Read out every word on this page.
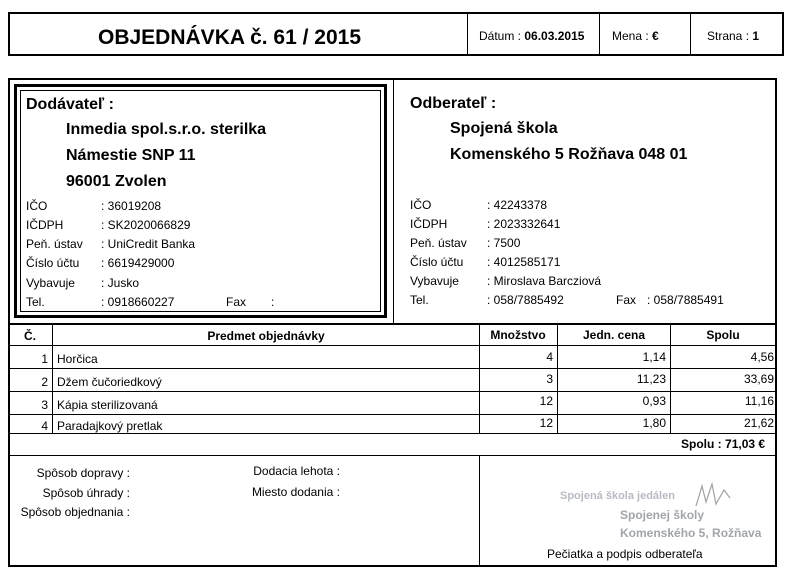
OBJEDNÁVKA č. 61 / 2015	Dátum : 06.03.2015 Mena : €	Strana : 1
Dodávateľ :
Inmedia spol.s.r.o. sterilka
Námestie SNP 11
96001 Zvolen
IČO	: 36019208
IČDPH	: SK2020066829
Peň. ústav : UniCredit Banka
Číslo účtu : 6619429000
Vybavuje : Jusko
Tel.	: 0918660227	Fax :
Odberateľ :
Spojená škola
Komenského 5 Rožňava 048 01
IČO	: 42243378
IČDPH	: 2023332641
Peň. ústav : 7500
Číslo účtu : 4012585171
Vybavuje : Miroslava Barcziová
Tel.	: 058/7885492	Fax : 058/7885491
Č.	Predmet objednávky	Množstvo	Jedn. cena	Spolu
1 Horčica	4	1,14	4,56
2 Džem čučoriedkový	3	11,23	33,69
3 Kápia sterilizovaná	12	0,93	11,16
4 Paradajkový pretlak	12	1,80	21,62
Spolu : 71,03 €
Spôsob dopravy :
Spôsob úhrady :
Spôsob objednania :
Dodacia lehota :
Miesto dodania :	Spojená škola jedálen
Spojenej školy
Komenského 5, Rožňava
Pečiatka a podpis odberateľa
